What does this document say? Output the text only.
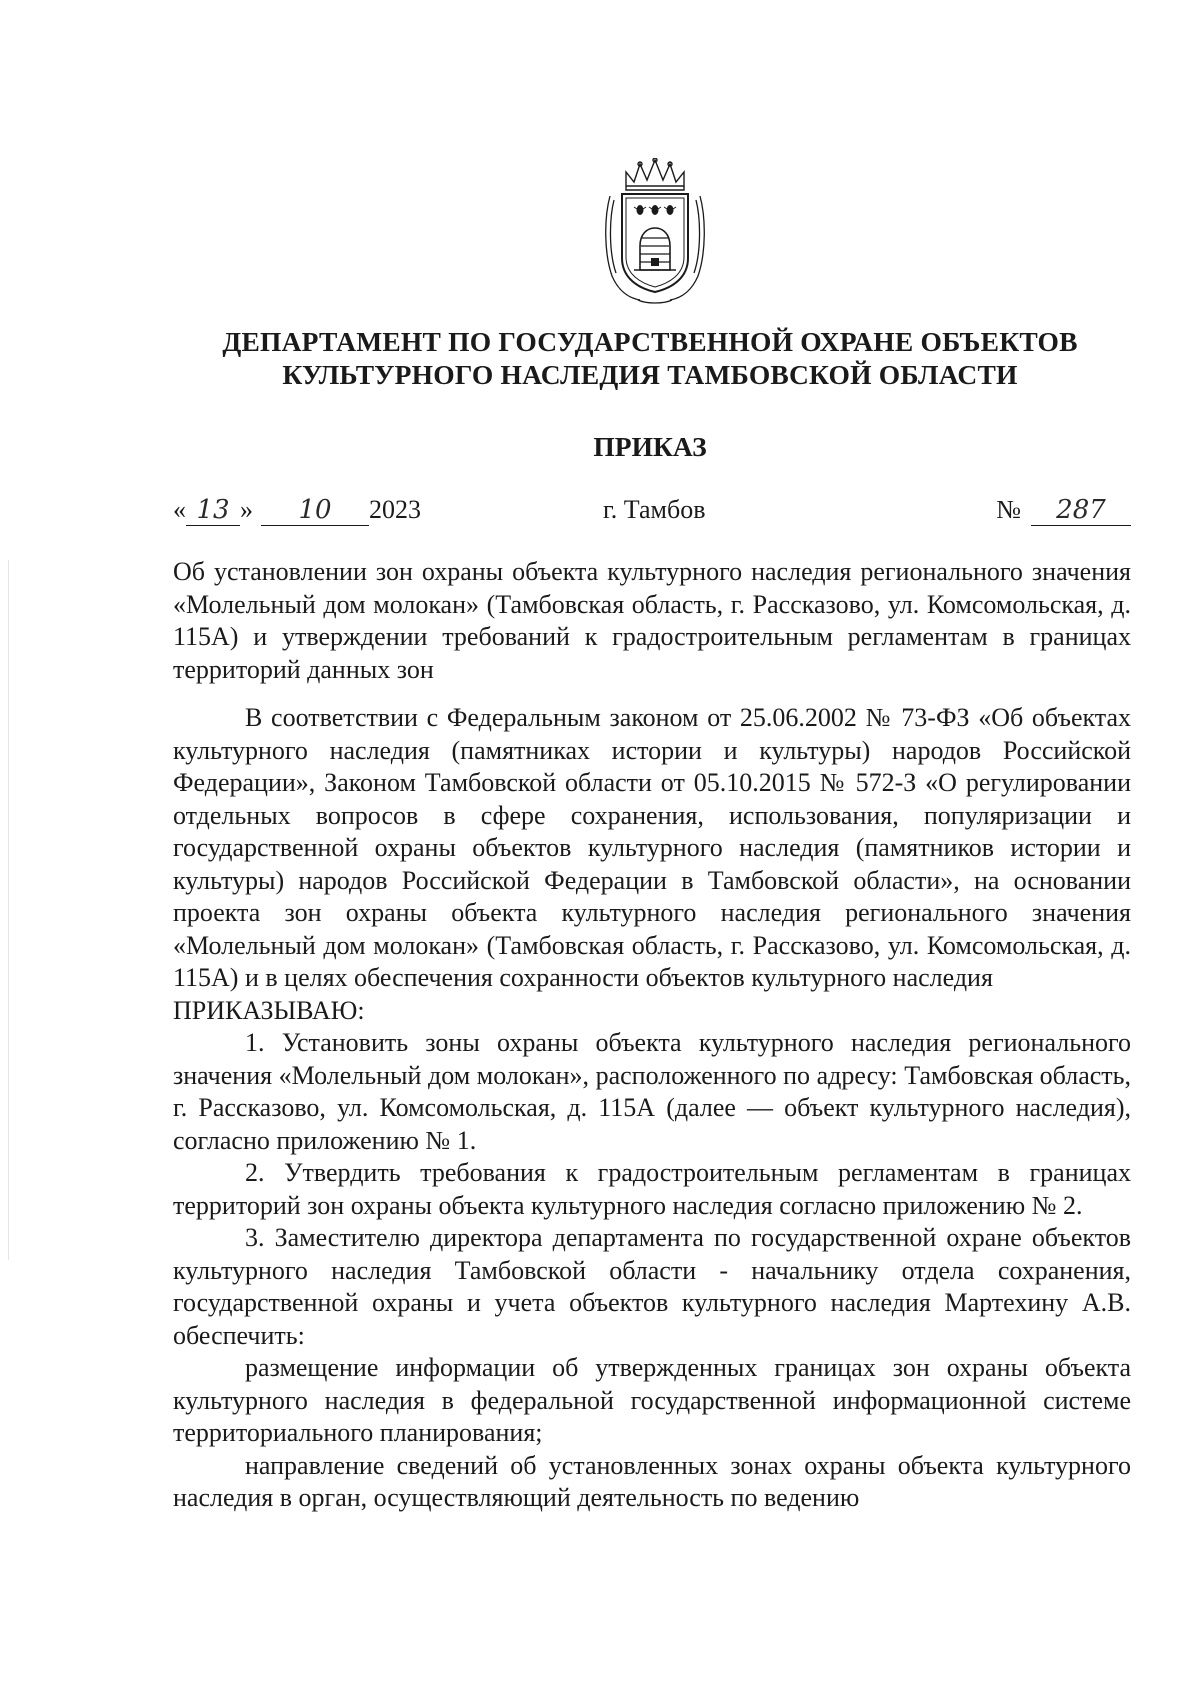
ДЕПАРТАМЕНТ ПО ГОСУДАРСТВЕННОЙ ОХРАНЕ ОБЪЕКТОВ
КУЛЬТУРНОГО НАСЛЕДИЯ ТАМБОВСКОЙ ОБЛАСТИ
ПРИКАЗ
« 13 » 10 2023	г. Тамбов	№ 287
Об установлении зон охраны объекта культурного наследия регионального значения «Молельный дом молокан» (Тамбовская область, г. Рассказово, ул. Комсомольская, д. 115А) и утверждении требований к градостроительным регламентам в границах территорий данных зон

В соответствии с Федеральным законом от 25.06.2002 № 73-ФЗ «Об объектах культурного наследия (памятниках истории и культуры) народов Российской Федерации», Законом Тамбовской области от 05.10.2015 № 572-З «О регулировании отдельных вопросов в сфере сохранения, использования, популяризации и государственной охраны объектов культурного наследия (памятников истории и культуры) народов Российской Федерации в Тамбовской области», на основании проекта зон охраны объекта культурного наследия регионального значения «Молельный дом молокан» (Тамбовская область, г. Рассказово, ул. Комсомольская, д. 115А) и в целях обеспечения сохранности объектов культурного наследия

ПРИКАЗЫВАЮ:

1. Установить зоны охраны объекта культурного наследия регионального значения «Молельный дом молокан», расположенного по адресу: Тамбовская область, г. Рассказово, ул. Комсомольская, д. 115А (далее — объект культурного наследия), согласно приложению № 1.

2. Утвердить требования к градостроительным регламентам в границах территорий зон охраны объекта культурного наследия согласно приложению № 2.

3. Заместителю директора департамента по государственной охране объектов культурного наследия Тамбовской области - начальнику отдела сохранения, государственной охраны и учета объектов культурного наследия Мартехину А.В. обеспечить:

размещение информации об утвержденных границах зон охраны объекта культурного наследия в федеральной государственной информационной системе территориального планирования;

направление сведений об установленных зонах охраны объекта культурного наследия в орган, осуществляющий деятельность по ведению
